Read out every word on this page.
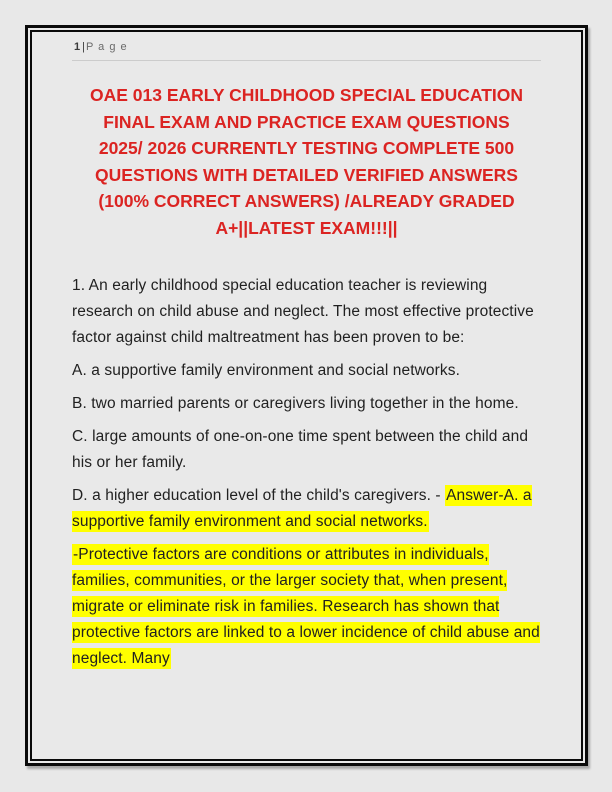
1|P a g e
OAE 013 EARLY CHILDHOOD SPECIAL EDUCATION
FINAL EXAM AND PRACTICE EXAM QUESTIONS
2025/ 2026 CURRENTLY TESTING COMPLETE 500
QUESTIONS WITH DETAILED VERIFIED ANSWERS
(100% CORRECT ANSWERS) /ALREADY GRADED
A+||LATEST EXAM!!!||

1. An early childhood special education teacher is reviewing research on child abuse and neglect. The most effective protective factor against child maltreatment has been proven to be:

A. a supportive family environment and social networks.

B. two married parents or caregivers living together in the home.

C. large amounts of one-on-one time spent between the child and his or her family.

D. a higher education level of the child's caregivers. - Answer-A. a supportive family environment and social networks.

-Protective factors are conditions or attributes in individuals, families, communities, or the larger society that, when present, migrate or eliminate risk in families. Research has shown that protective factors are linked to a lower incidence of child abuse and neglect. Many
